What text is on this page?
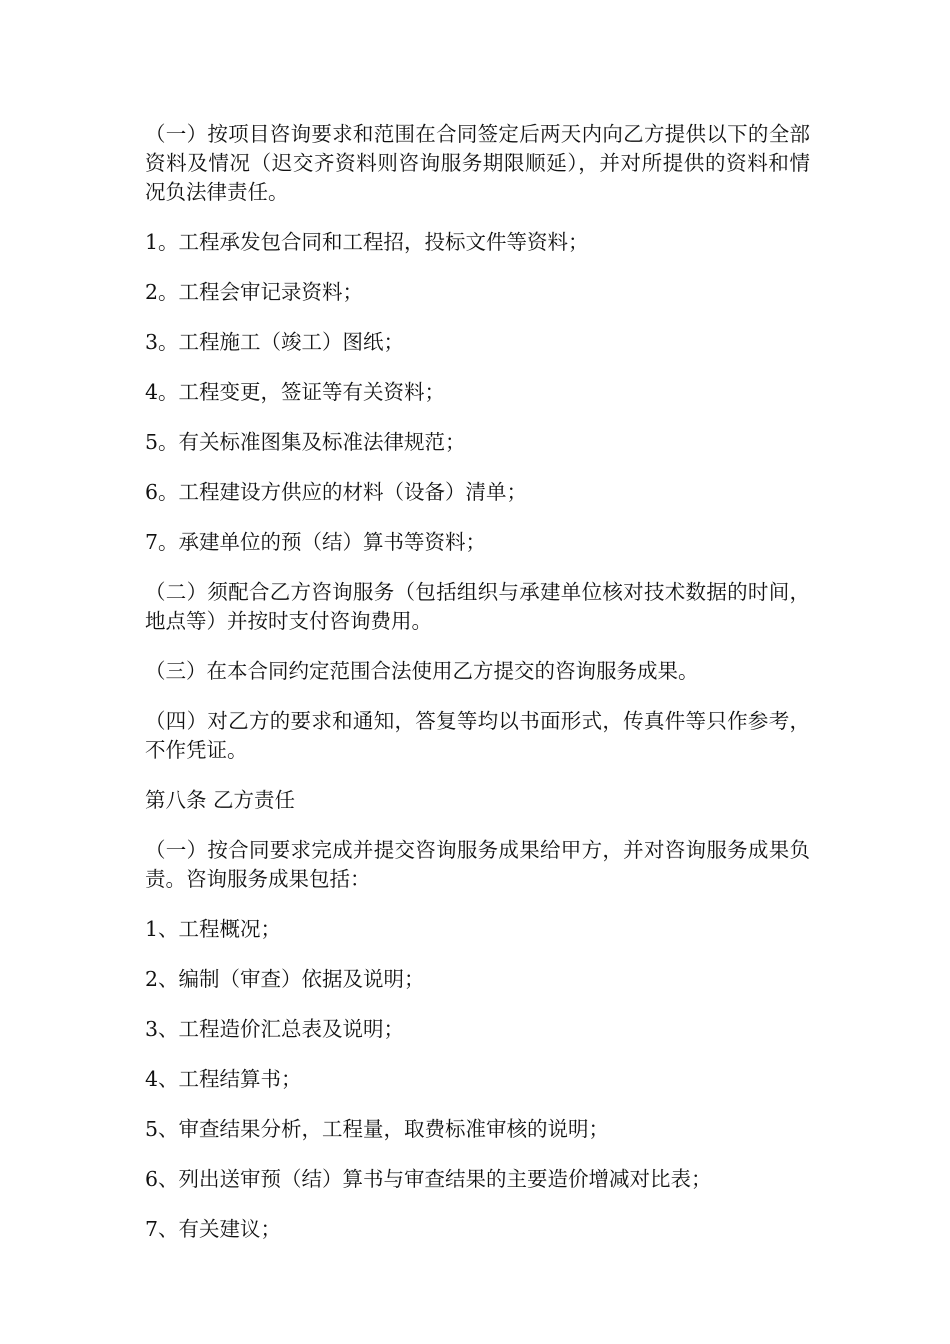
（一）按项目咨询要求和范围在合同签定后两天内向乙方提供以下的全部资料及情况（迟交齐资料则咨询服务期限顺延），并对所提供的资料和情况负法律责任。

1。工程承发包合同和工程招，投标文件等资料；

2。工程会审记录资料；

3。工程施工（竣工）图纸；

4。工程变更，签证等有关资料；

5。有关标准图集及标准法律规范；

6。工程建设方供应的材料（设备）清单；

7。承建单位的预（结）算书等资料；

（二）须配合乙方咨询服务（包括组织与承建单位核对技术数据的时间，地点等）并按时支付咨询费用。

（三）在本合同约定范围合法使用乙方提交的咨询服务成果。

（四）对乙方的要求和通知，答复等均以书面形式，传真件等只作参考，不作凭证。

第八条 乙方责任

（一）按合同要求完成并提交咨询服务成果给甲方，并对咨询服务成果负责。咨询服务成果包括：

1、工程概况；

2、编制（审查）依据及说明；

3、工程造价汇总表及说明；

4、工程结算书；

5、审查结果分析，工程量，取费标准审核的说明；

6、列出送审预（结）算书与审查结果的主要造价增减对比表；

7、有关建议；
